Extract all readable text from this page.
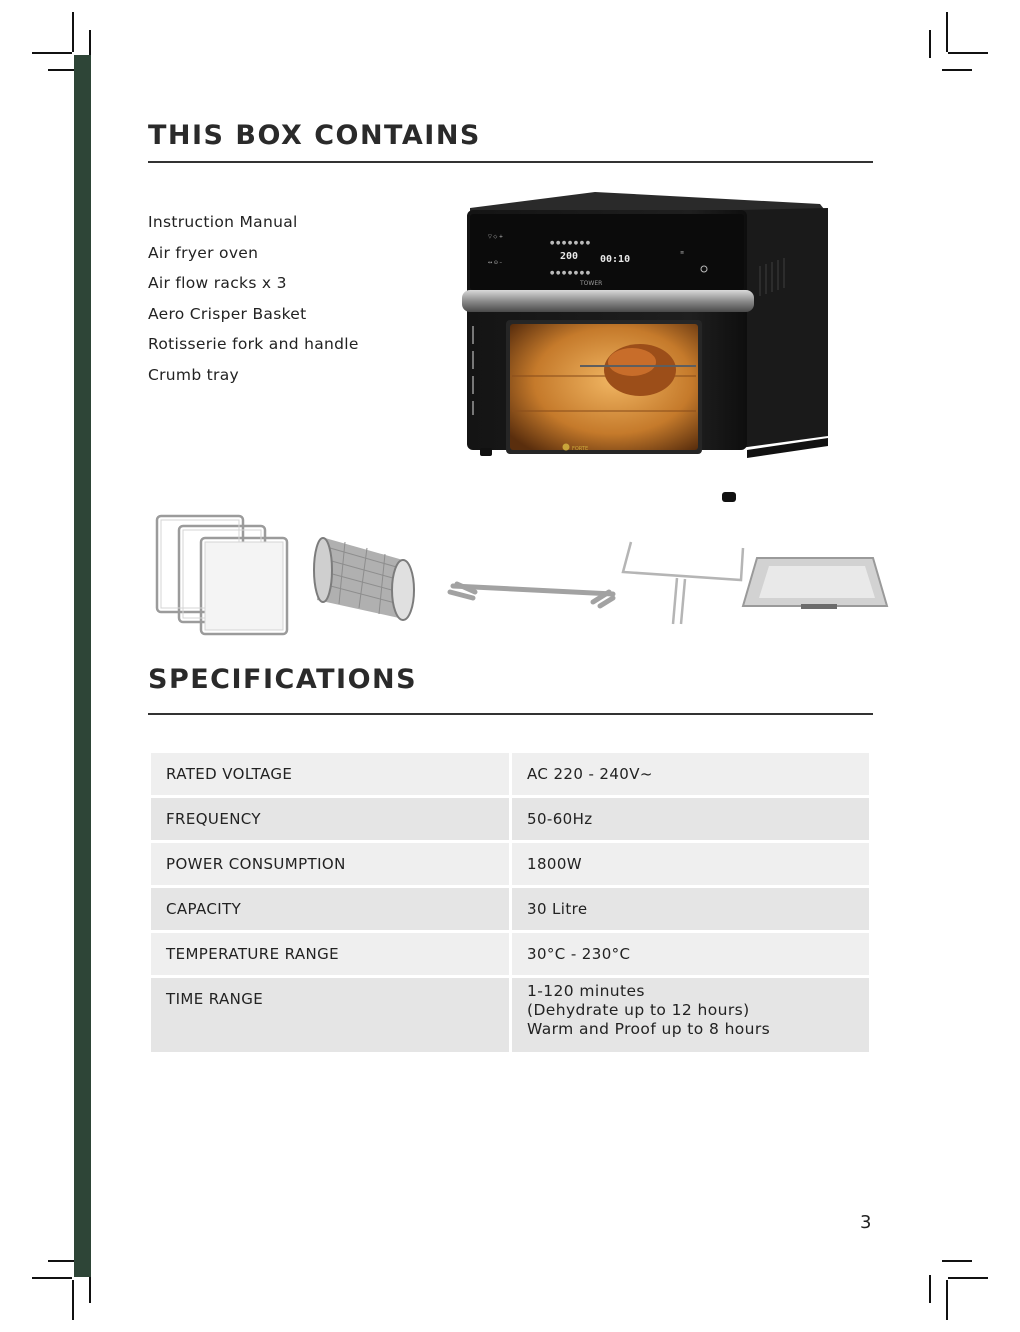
THIS BOX CONTAINS
Instruction Manual
Air fryer oven
Air flow racks x 3
Aero Crisper Basket
Rotisserie fork and handle
Crumb tray
▽ ◇ +
↔ ⊙ –
● ● ● ● ● ● ●
● ● ● ● ● ● ●
≡
200 00:10
TOWER
FORTE
SPECIFICATIONS
RATED VOLTAGE	AC 220 - 240V~
FREQUENCY	50-60Hz
POWER CONSUMPTION	1800W
CAPACITY	30 Litre
TEMPERATURE RANGE	30°C - 230°C
TIME RANGE	1-120 minutes
(Dehydrate up to 12 hours)
Warm and Proof up to 8 hours
3
